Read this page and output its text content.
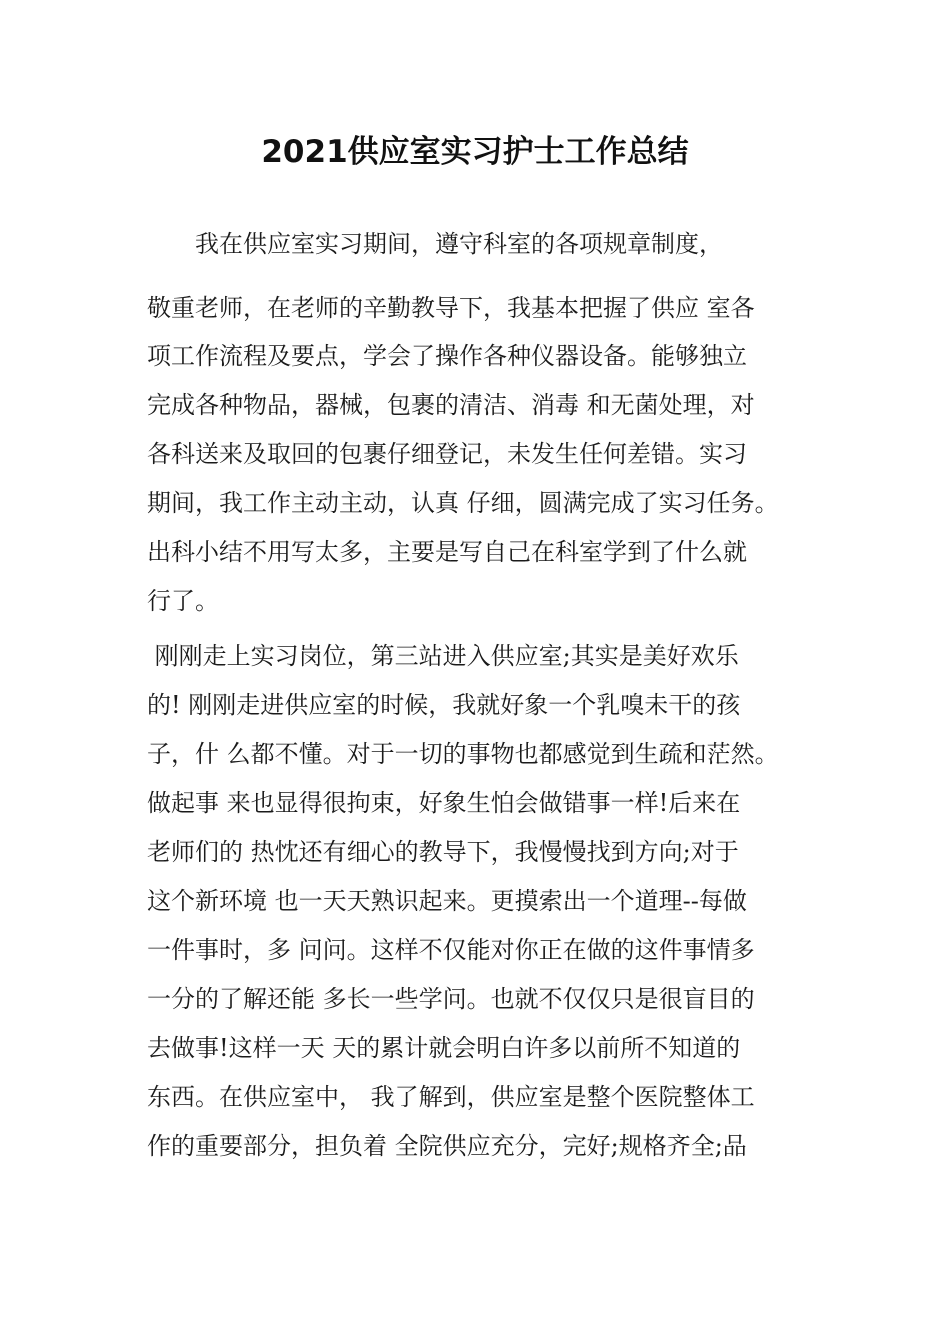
2021供应室实习护士工作总结
　　我在供应室实习期间，遵守科室的各项规章制度，
敬重老师，在老师的辛勤教导下，我基本把握了供应 室各
项工作流程及要点，学会了操作各种仪器设备。能够独立
完成各种物品，器械，包裹的清洁、消毒 和无菌处理，对
各科送来及取回的包裹仔细登记，未发生任何差错。实习
期间，我工作主动主动，认真 仔细，圆满完成了实习任务。
出科小结不用写太多，主要是写自己在科室学到了什么就
行了。
刚刚走上实习岗位，第三站进入供应室;其实是美好欢乐
的! 刚刚走进供应室的时候，我就好象一个乳嗅未干的孩
子，什 么都不懂。对于一切的事物也都感觉到生疏和茫然。
做起事 来也显得很拘束，好象生怕会做错事一样!后来在
老师们的 热忱还有细心的教导下，我慢慢找到方向;对于
这个新环境 也一天天熟识起来。更摸索出一个道理--每做
一件事时，多 问问。这样不仅能对你正在做的这件事情多
一分的了解还能 多长一些学问。也就不仅仅只是很盲目的
去做事!这样一天 天的累计就会明白许多以前所不知道的
东西。在供应室中， 我了解到，供应室是整个医院整体工
作的重要部分，担负着 全院供应充分，完好;规格齐全;品
